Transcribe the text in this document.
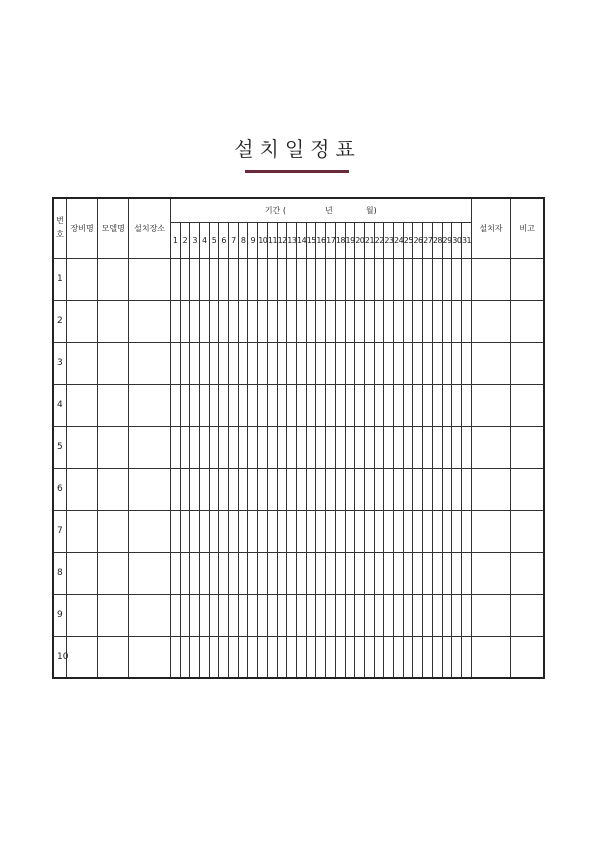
설치일정표
번
호	장비명	모델명	설치장소	기간 ( 년 월)																															설치자	비고
				1	2	3	4	5	6	7	8	9	10	11	12	13	14	15	16	17	18	19	20	21	22	23	24	25	26	27	28	29	30	31		
1																																				
2																																				
3																																				
4																																				
5																																				
6																																				
7																																				
8																																				
9																																				
10																																				
